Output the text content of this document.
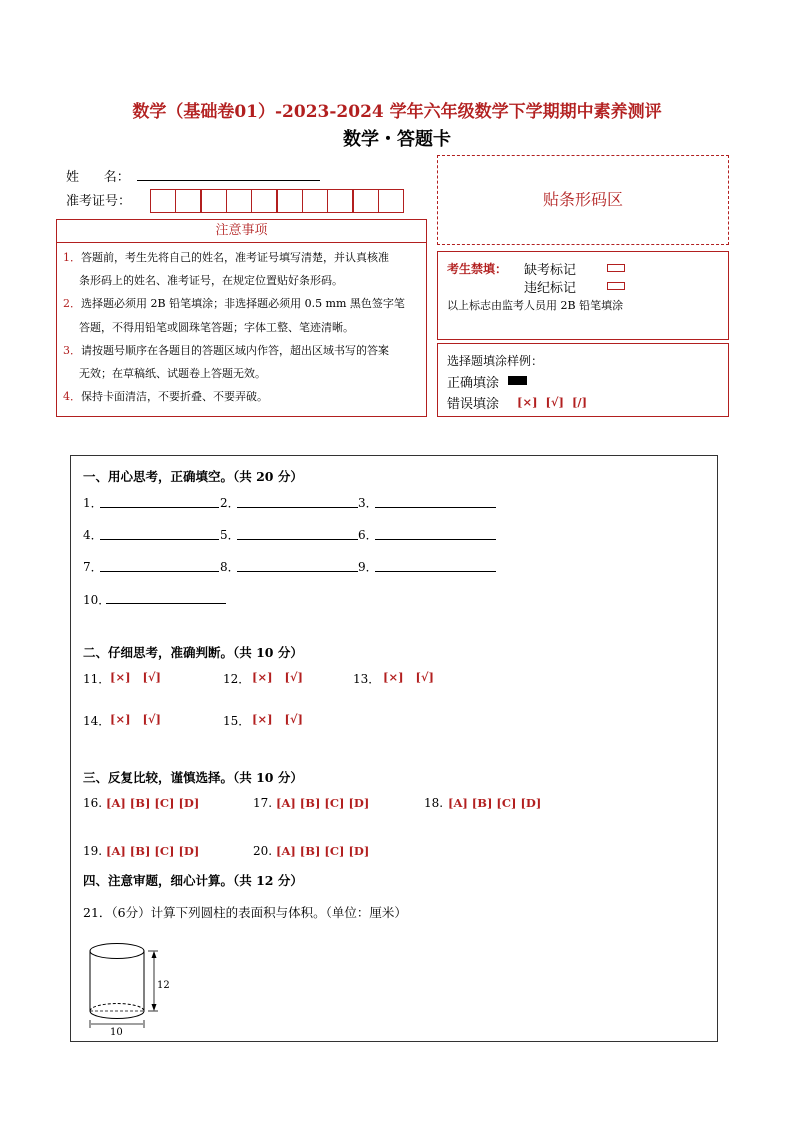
数学（基础卷01）-2023-2024 学年六年级数学下学期期中素养测评
数学・答题卡
姓      名：
准考证号：	贴条形码区
注意事项
1．答题前，考生先将自己的姓名，准考证号填写清楚，并认真核准
条形码上的姓名、准考证号，在规定位置贴好条形码。
2．选择题必须用 2B 铅笔填涂；非选择题必须用 0.5 mm 黑色签字笔
答题，不得用铅笔或圆珠笔答题；字体工整、笔迹清晰。
3．请按题号顺序在各题目的答题区域内作答，超出区域书写的答案
无效；在草稿纸、试题卷上答题无效。
4．保持卡面清洁，不要折叠、不要弄破。
考生禁填： 缺考标记
违纪标记
以上标志由监考人员用 2B 铅笔填涂
选择题填涂样例：
正确填涂
错误填涂 [×]  [√]  [/]
一、用心思考，正确填空。（共 20 分）
1．	2．	3．
4．	5．	6．
7．	8．	9．
10．
二、仔细思考，准确判断。（共 10 分）
11． [×]   [√]	12． [×]   [√]	13． [×]   [√]
14． [×]   [√]	15． [×]   [√]
三、反复比较，谨慎选择。（共 10 分）
16. [A] [B] [C] [D]	17. [A] [B] [C] [D]	18. [A] [B] [C] [D]
19. [A] [B] [C] [D]	20. [A] [B] [C] [D]
四、注意审题，细心计算。（共 12 分）
21．（6分）计算下列圆柱的表面积与体积。（单位：厘米）
12
10
